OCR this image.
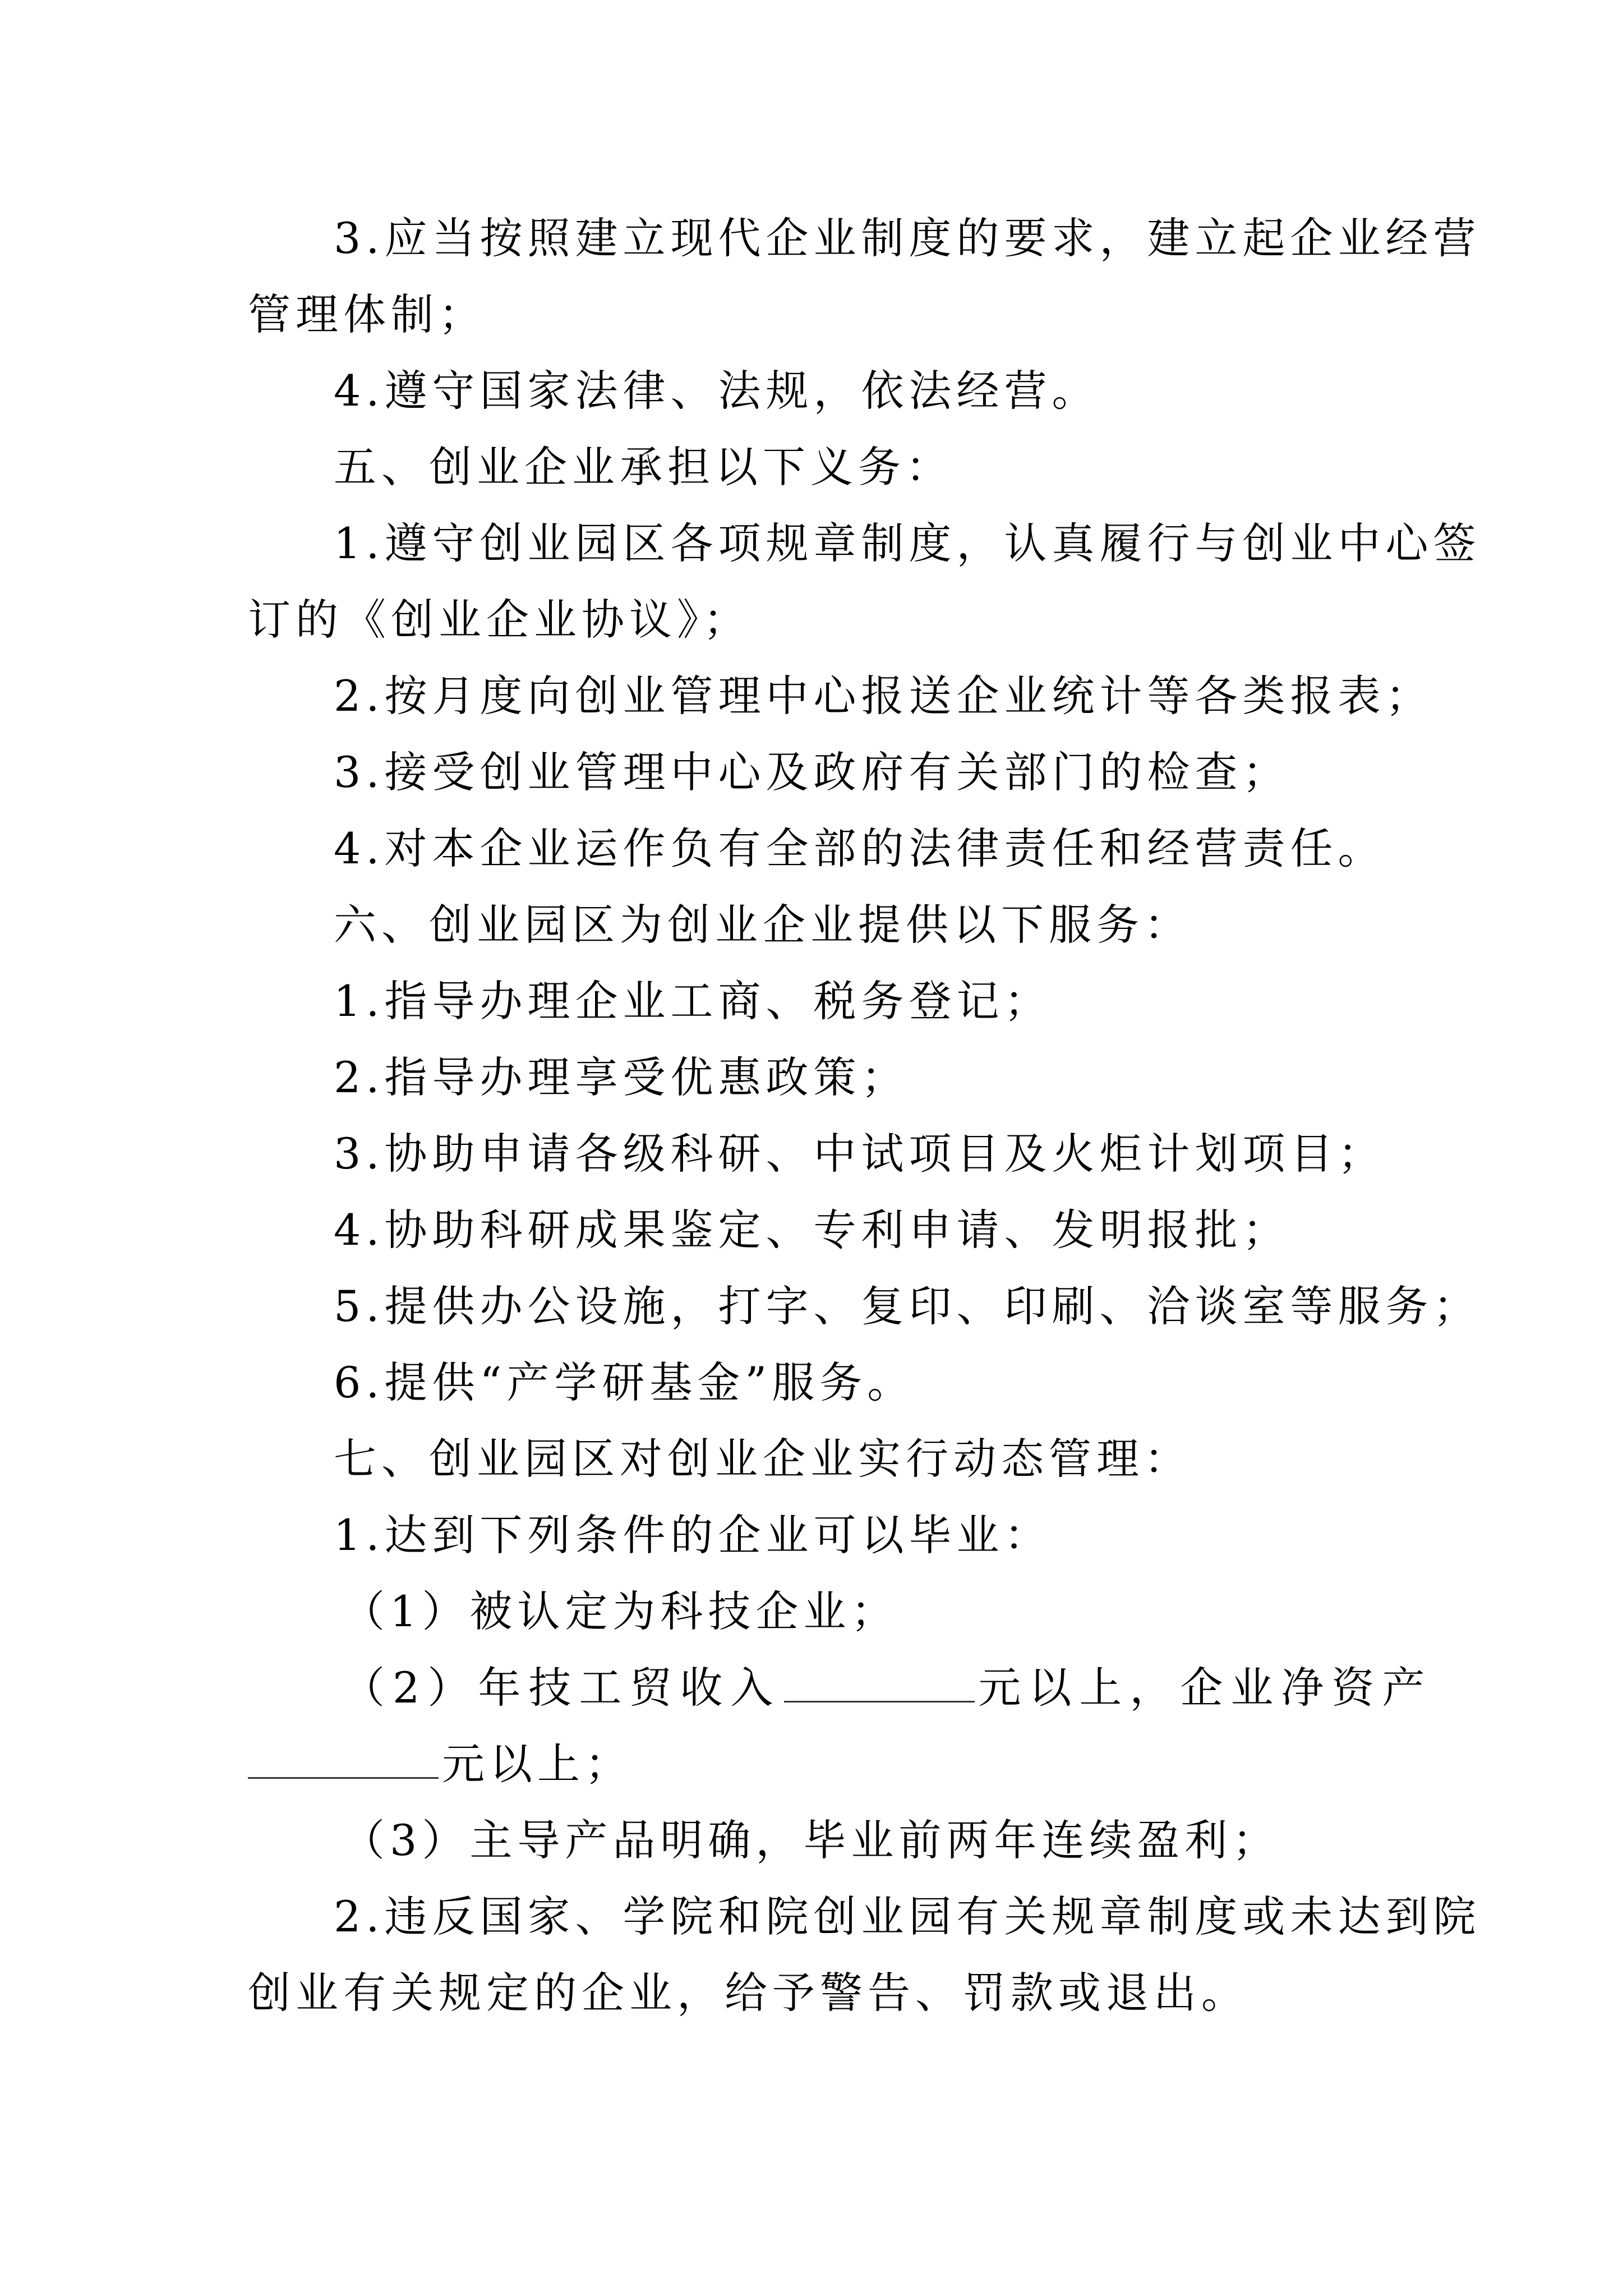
3.应当按照建立现代企业制度的要求，建立起企业经营

管理体制；

4.遵守国家法律、法规，依法经营。

五、创业企业承担以下义务：

1.遵守创业园区各项规章制度，认真履行与创业中心签

订的《创业企业协议》；

2.按月度向创业管理中心报送企业统计等各类报表；

3.接受创业管理中心及政府有关部门的检查；

4.对本企业运作负有全部的法律责任和经营责任。

六、创业园区为创业企业提供以下服务：

1.指导办理企业工商、税务登记；

2.指导办理享受优惠政策；

3.协助申请各级科研、中试项目及火炬计划项目；

4.协助科研成果鉴定、专利申请、发明报批；

5.提供办公设施，打字、复印、印刷、洽谈室等服务；

6.提供“产学研基金”服务。

七、创业园区对创业企业实行动态管理：

1.达到下列条件的企业可以毕业：

（1）被认定为科技企业；

（2）年技工贸收入	元以上，企业净资产

元以上；

（3）主导产品明确，毕业前两年连续盈利；

2.违反国家、学院和院创业园有关规章制度或未达到院

创业有关规定的企业，给予警告、罚款或退出。
